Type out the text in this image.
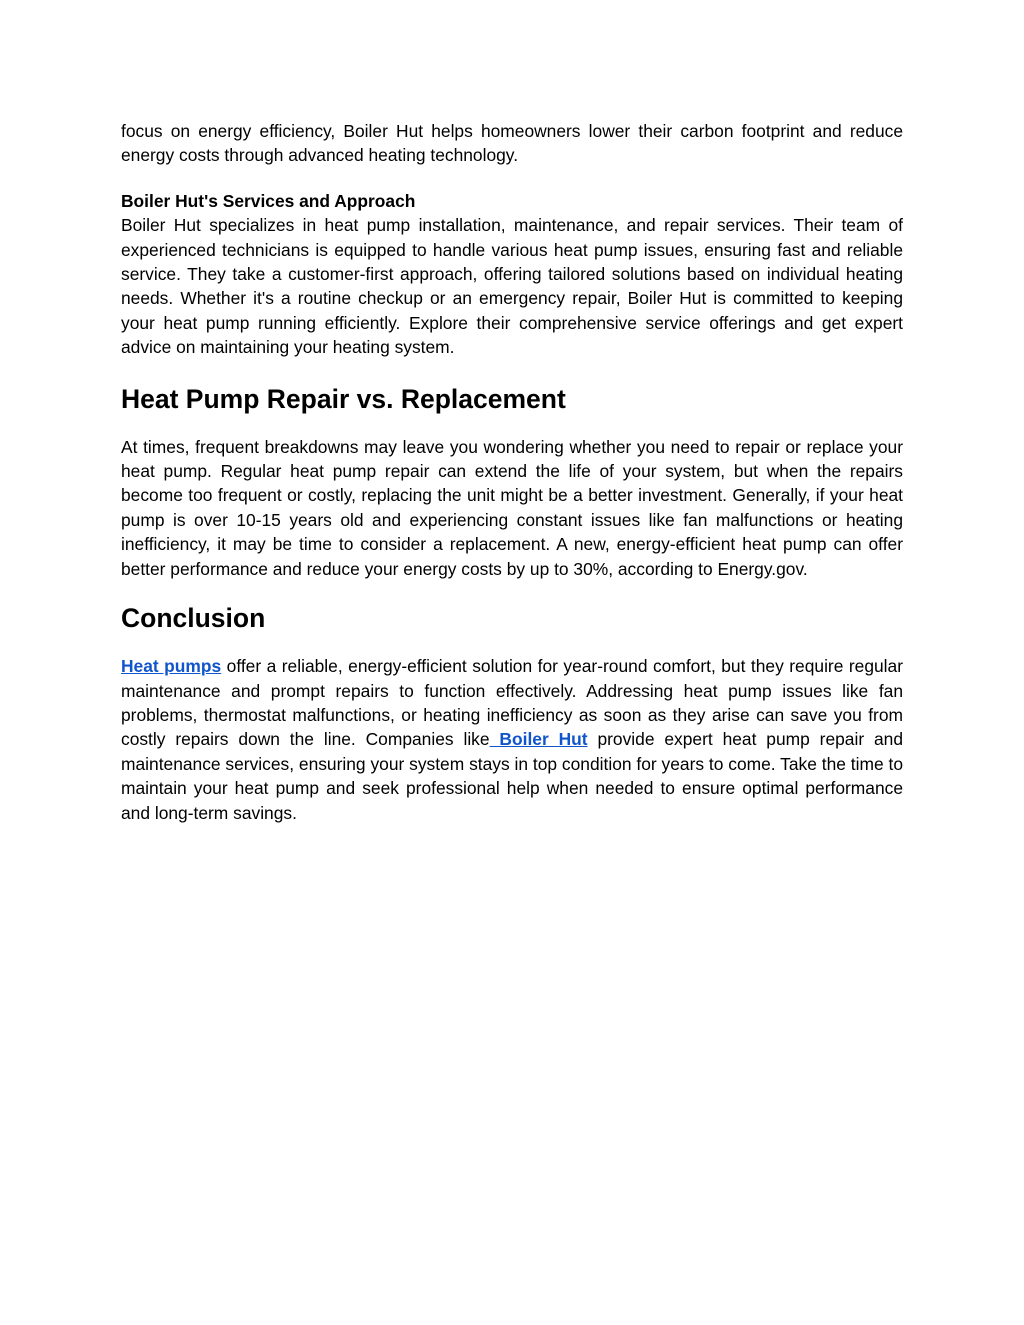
focus on energy efficiency, Boiler Hut helps homeowners lower their carbon footprint and reduce energy costs through advanced heating technology.

Boiler Hut's Services and Approach

Boiler Hut specializes in heat pump installation, maintenance, and repair services. Their team of experienced technicians is equipped to handle various heat pump issues, ensuring fast and reliable service. They take a customer-first approach, offering tailored solutions based on individual heating needs. Whether it's a routine checkup or an emergency repair, Boiler Hut is committed to keeping your heat pump running efficiently. Explore their comprehensive service offerings and get expert advice on maintaining your heating system.

Heat Pump Repair vs. Replacement

At times, frequent breakdowns may leave you wondering whether you need to repair or replace your heat pump. Regular heat pump repair can extend the life of your system, but when the repairs become too frequent or costly, replacing the unit might be a better investment. Generally, if your heat pump is over 10-15 years old and experiencing constant issues like fan malfunctions or heating inefficiency, it may be time to consider a replacement. A new, energy-efficient heat pump can offer better performance and reduce your energy costs by up to 30%, according to Energy.gov.

Conclusion

Heat pumps offer a reliable, energy-efficient solution for year-round comfort, but they require regular maintenance and prompt repairs to function effectively. Addressing heat pump issues like fan problems, thermostat malfunctions, or heating inefficiency as soon as they arise can save you from costly repairs down the line. Companies like Boiler Hut provide expert heat pump repair and maintenance services, ensuring your system stays in top condition for years to come. Take the time to maintain your heat pump and seek professional help when needed to ensure optimal performance and long-term savings.
